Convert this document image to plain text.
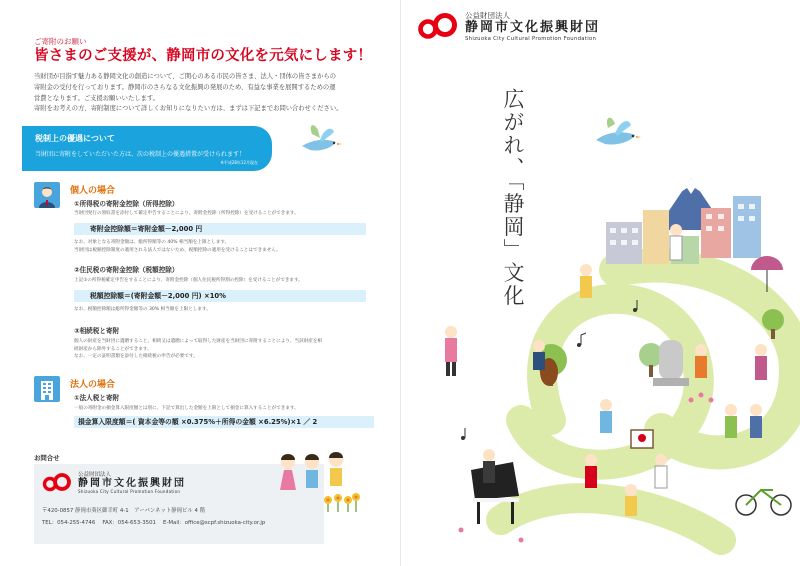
ご寄附のお願い
皆さまのご支援が、静岡市の文化を元気にします！

当財団が目指す魅力ある静岡文化の創造について、ご関心のある市民の皆さま、法人・団体の皆さまからの

寄附金の受付を行っております。静岡市のさらなる文化振興の発展のため、有益な事業を展開するための運

営費となります。ご支援お願いいたします。

寄附をお考えの方、寄附制度について詳しくお知りになりたい方は、まずは下記までお問い合わせください。

税制上の優遇について
当財団に寄附をしていただいた方は、次の税制上の優遇措置が受けられます！
※平成28年12月現在
個人の場合
①所得税の寄附金控除（所得控除）
当財団発行の領収書を添付して確定申告することにより、寄附金控除（所得控除）を受けることができます。
寄附金控除額＝寄附金額－2,000 円

なお、対象となる寄附金額は、総所得額等の 40% 相当額を上限とします。

当財団は税額控除制度の適用される法人ではないため、税額控除の適用を受けることはできません。

②住民税の寄附金控除（税額控除）
上記①の所得税確定申告をすることにより、寄附金控除（個人住民税所得割の控除）を受けることができます。
税額控除額＝(寄附金額－2,000 円) ×10%

なお、税額控除額は総所得金額等の 30% 相当額を上限とします。

③相続税と寄附

個人の財産を当財団に遺贈すること、相続又は遺贈によって取得した財産を当財団に寄附することにより、当該財産を相

続財産から除外することができます。

なお、一定の証明書類を添付した相続税の申告が必要です。

法人の場合
①法人税と寄附
一般の寄附金の損金算入限度額とは別に、下記で算出した金額を上限として損金に算入することができます。
損金算入限度額＝( 資本金等の額 ×0.375%＋所得の金額 ×6.25%)×1 ／ 2
お問合せ
公益財団法人
静岡市文化振興財団
Shizuoka City Cultural Promotion Foundation
〒420-0857 静岡市葵区御幸町 4-1　アーバンネット静岡ビル 4 階
TEL：054-255-4746　 FAX：054-653-3501　 E-Mail：office@scpf.shizuoka-city.or.jp
公益財団法人
静岡市文化振興財団
Shizuoka City Cultural Promotion Foundation
広がれ、「静岡」文化
